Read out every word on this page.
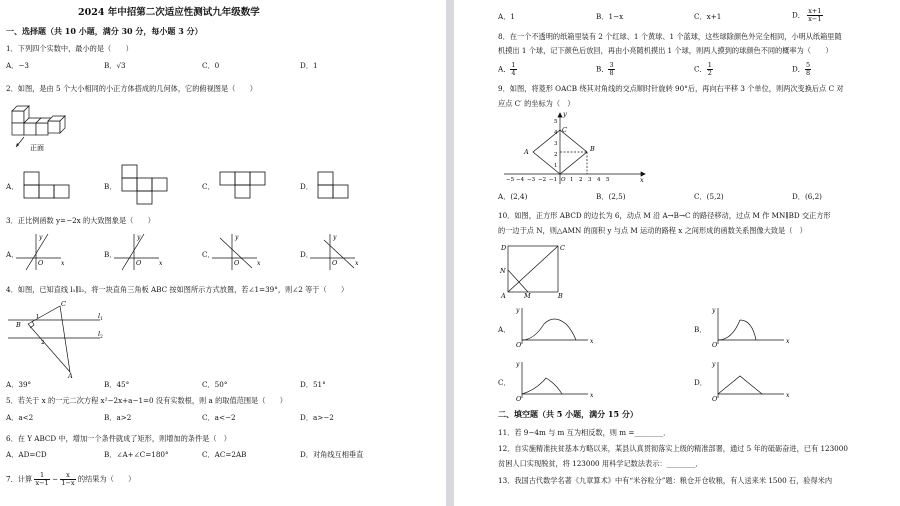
2024 年中招第二次适应性测试九年级数学
一、选择题（共 10 小题，满分 30 分，每小题 3 分）
1．下列四个实数中，最小的是（　　）
A．−3	B．√3	C．0	D．1
2．如图，是由 5 个大小相同的小正方体搭成的几何体，它的俯视图是（　　）
正面
A．	B．	C．	D．
3．正比例函数 y=−2x 的大致图象是（　　）
A．
y
O	x
B．
y
O	x
C．
y
O	x
D．
y
O	x
4．如图，已知直线 l₁∥l₂，将一块直角三角板 ABC 按如图所示方式放置，若∠1=39°，则∠2 等于（　　）
l 1
l 2
B
C
A
1
2
A．39°	B．45°	C．50°	D．51°
5．若关于 x 的一元二次方程 x²−2x+a−1=0 没有实数根，则 a 的取值范围是（　　）
A．a<2	B．a>2	C．a<−2	D．a>−2
6．在 Y ABCD 中，增加一个条件就成了矩形，则增加的条件是（　）
A．AD=CD	B．∠A+∠C=180°	C．AC=2AB	D．对角线互相垂直
7．计算 $\frac{1}{x-1} - \frac{x}{1-x}$ 的结果为（　　）
A．1	B．1−x	C．x+1	D． $\frac{x+1}{x-1}$
8．在一个不透明的纸箱里装有 2 个红球、1 个黄球、1 个蓝球，这些球除颜色外完全相同，小明从纸箱里随
机摸出 1 个球，记下颜色后放回，再由小亮随机摸出 1 个球，则两人摸到的球颜色不同的概率为（　　）
A． $\frac{1}{4}$	B． $\frac{3}{8}$	C． $\frac{1}{2}$	D． $\frac{5}{8}$
9．如图，将菱形 OACB 绕其对角线的交点顺时针旋转 90°后，再向右平移 3 个单位，则两次变换后点 C 对
应点 C′ 的坐标为（　）
−5 −4 −3 −2 −1 O 1 2 3 4 5
5
4
3
2
1
A	B
C
x
y
A．(2,4)	B．(2,5)	C．(5,2)	D．(6,2)
10．如图，正方形 ABCD 的边长为 6，动点 M 沿 A→B→C 的路径移动，过点 M 作 MN∥BD 交正方形
的一边于点 N，则△AMN 的面积 y 与点 M 运动的路程 x 之间形成的函数关系图像大致是（　）
D	C
A	B
M
N
A．
y
O	x
B．
y
O	x
C．
y
O	x
D．
y
O	x
二、填空题（共 5 小题，满分 15 分）
11．若 9−4m 与 m 互为相反数，则 m =________．
12．自实施精准扶贫基本方略以来，某县认真贯彻落实上级的精准部署，通过 5 年的砥砺奋进，已有 123000
贫困人口实现脱贫，将 123000 用科学记数法表示：________．
13．我国古代数学名著《九章算术》中有“米谷粒分”题：粮仓开仓收粮，有人送来米 1500 石，验得米内
